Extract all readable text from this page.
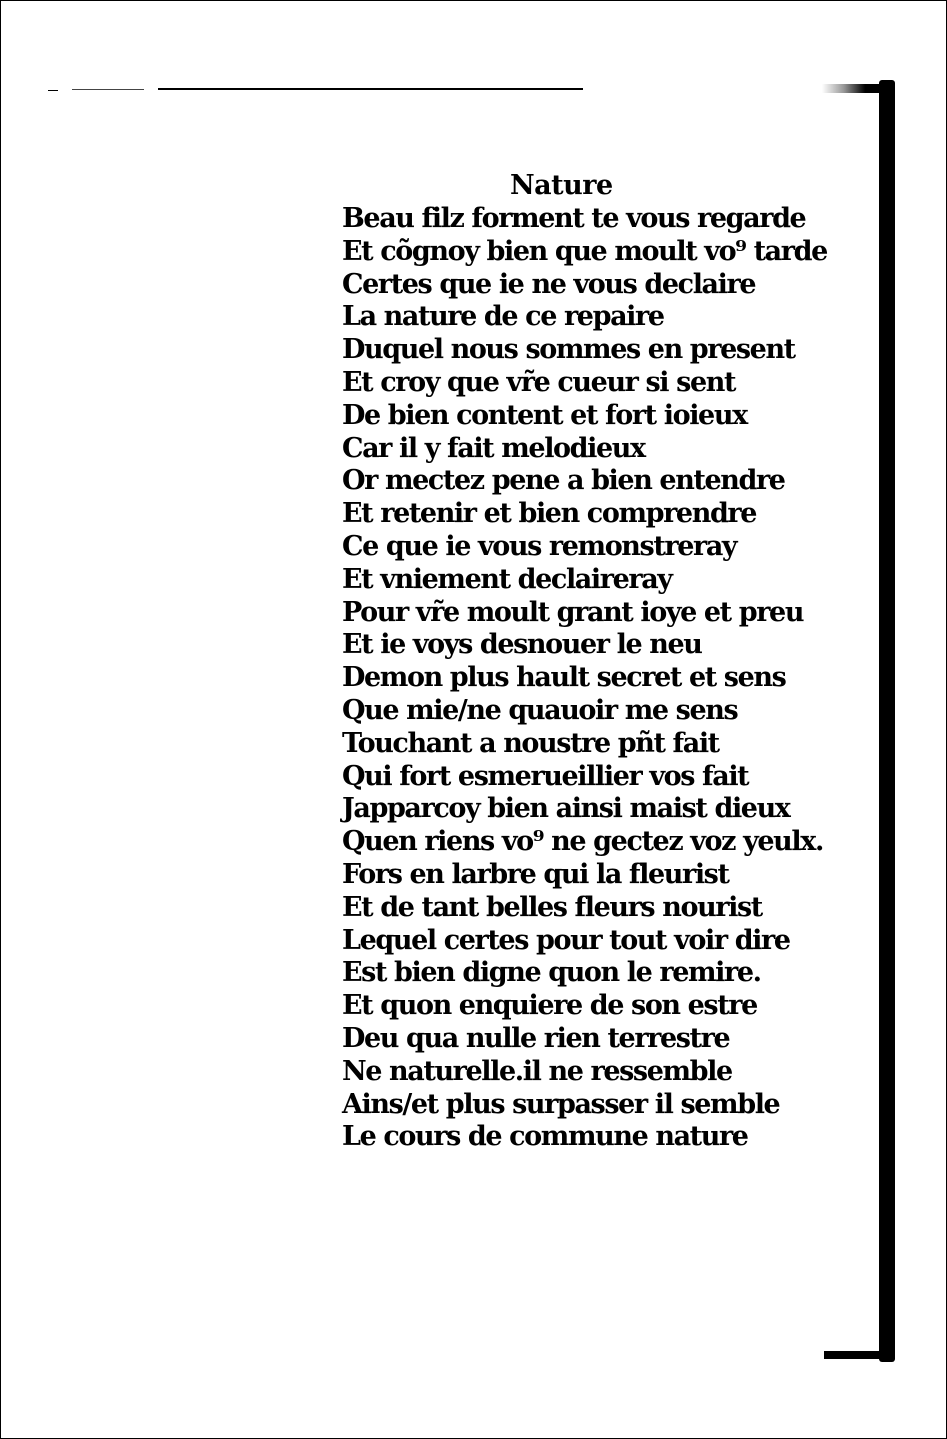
Nature
Beau filz forment te vous regarde
Et cõgnoy bien que moult vo⁹ tarde
Certes que ie ne vous declaire
La nature de ce repaire
Duquel nous sommes en present
Et croy que vr̃e cueur si sent
De bien content et fort ioieux
Car il y fait melodieux
Or mectez pene a bien entendre
Et retenir et bien comprendre
Ce que ie vous remonstreray
Et vniement declaireray
Pour vr̃e moult grant ioye et preu
Et ie voys desnouer le neu
Demon plus hault secret et sens
Que mie/ne quauoir me sens
Touchant a noustre pñt fait
Qui fort esmerueillier vos fait
Japparcoy bien ainsi maist dieux
Quen riens vo⁹ ne gectez voz yeulx.
Fors en larbre qui la fleurist
Et de tant belles fleurs nourist
Lequel certes pour tout voir dire
Est bien digne quon le remire.
Et quon enquiere de son estre
Deu qua nulle rien terrestre
Ne naturelle.il ne ressemble
Ains/et plus surpasser il semble
Le cours de commune nature
